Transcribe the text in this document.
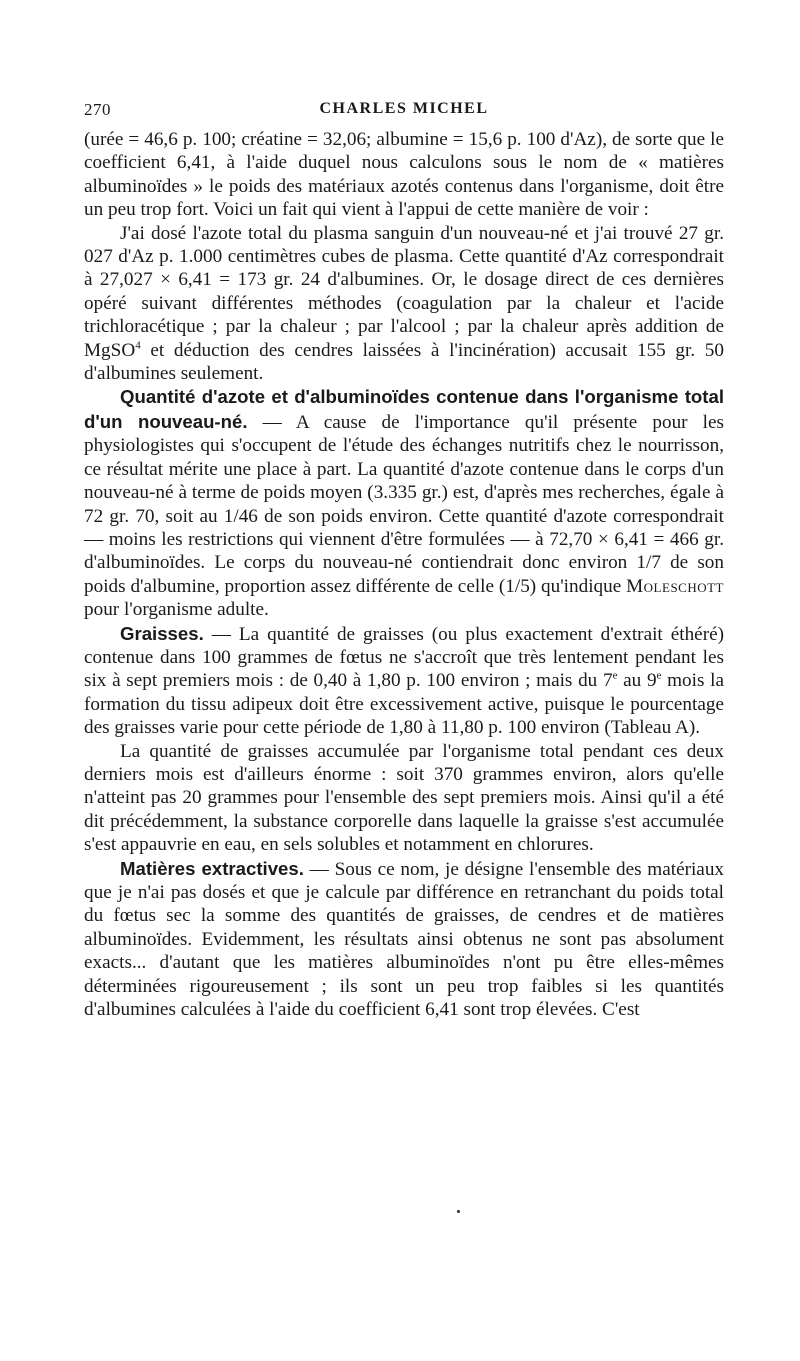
270	CHARLES MICHEL

(urée = 46,6 p. 100; créatine = 32,06; albumine = 15,6 p. 100 d'Az), de sorte que le coefficient 6,41, à l'aide duquel nous calculons sous le nom de « matières albuminoïdes » le poids des matériaux azotés contenus dans l'organisme, doit être un peu trop fort. Voici un fait qui vient à l'appui de cette manière de voir :

J'ai dosé l'azote total du plasma sanguin d'un nouveau-né et j'ai trouvé 27 gr. 027 d'Az p. 1.000 centimètres cubes de plasma. Cette quantité d'Az correspondrait à 27,027 × 6,41 = 173 gr. 24 d'albumines. Or, le dosage direct de ces dernières opéré suivant différentes méthodes (coagulation par la chaleur et l'acide trichloracétique ; par la chaleur ; par l'alcool ; par la chaleur après addition de MgSO$^4$ et déduction des cendres laissées à l'incinération) accusait 155 gr. 50 d'albumines seulement.

Quantité d'azote et d'albuminoïdes contenue dans l'organisme total d'un nouveau-né. — A cause de l'importance qu'il présente pour les physiologistes qui s'occupent de l'étude des échanges nutritifs chez le nourrisson, ce résultat mérite une place à part. La quantité d'azote contenue dans le corps d'un nouveau-né à terme de poids moyen (3.335 gr.) est, d'après mes recherches, égale à 72 gr. 70, soit au 1/46 de son poids environ. Cette quantité d'azote correspondrait — moins les restrictions qui viennent d'être formulées — à 72,70 × 6,41 = 466 gr. d'albuminoïdes. Le corps du nouveau-né contiendrait donc environ 1/7 de son poids d'albumine, proportion assez différente de celle (1/5) qu'indique Moleschott pour l'organisme adulte.

Graisses. — La quantité de graisses (ou plus exactement d'extrait éthéré) contenue dans 100 grammes de fœtus ne s'accroît que très lentement pendant les six à sept premiers mois : de 0,40 à 1,80 p. 100 environ ; mais du 7e au 9e mois la formation du tissu adipeux doit être excessivement active, puisque le pourcentage des graisses varie pour cette période de 1,80 à 11,80 p. 100 environ (Tableau A).

La quantité de graisses accumulée par l'organisme total pendant ces deux derniers mois est d'ailleurs énorme : soit 370 grammes environ, alors qu'elle n'atteint pas 20 grammes pour l'ensemble des sept premiers mois. Ainsi qu'il a été dit précédemment, la substance corporelle dans laquelle la graisse s'est accumulée s'est appauvrie en eau, en sels solubles et notamment en chlorures.

Matières extractives. — Sous ce nom, je désigne l'ensemble des matériaux que je n'ai pas dosés et que je calcule par différence en retranchant du poids total du fœtus sec la somme des quantités de graisses, de cendres et de matières albuminoïdes. Evidemment, les résultats ainsi obtenus ne sont pas absolument exacts... d'autant que les matières albuminoïdes n'ont pu être elles-mêmes déterminées rigoureusement ; ils sont un peu trop faibles si les quantités d'albumines calculées à l'aide du coefficient 6,41 sont trop élevées. C'est
